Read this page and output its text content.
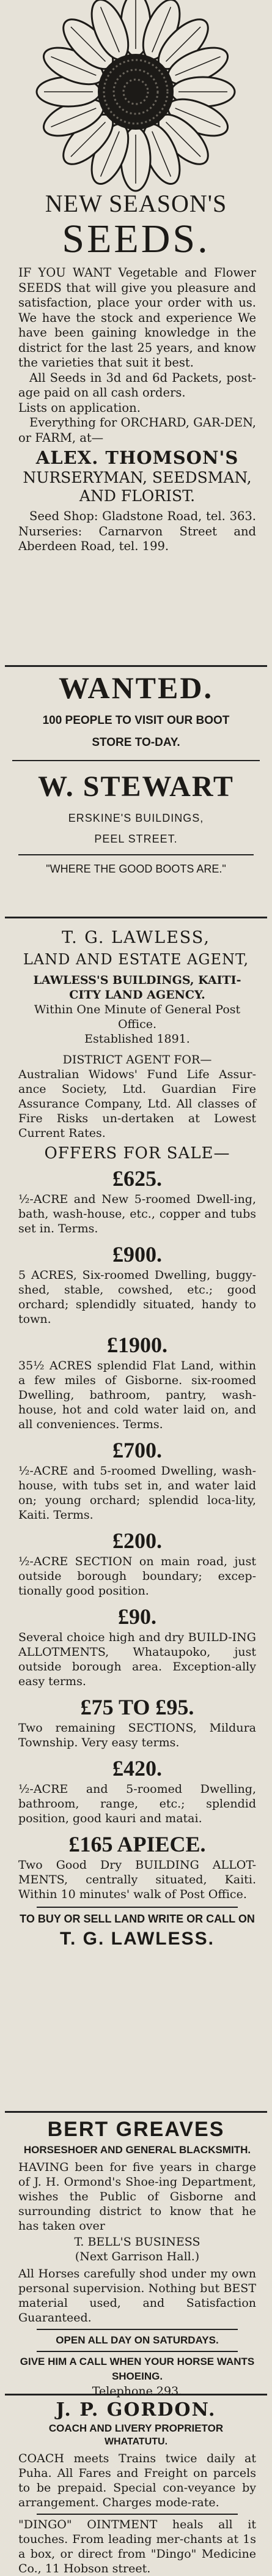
NEW SEASON'S
SEEDS.

IF YOU WANT Vegetable and Flower SEEDS that will give you pleasure and satisfaction, place your order with us. We have the stock and experience We have been gaining knowledge in the district for the last 25 years, and know the varieties that suit it best.

All Seeds in 3d and 6d Packets, post-age paid on all cash orders.

Lists on application.

Everything for ORCHARD, GAR-DEN, or FARM, at—

ALEX. THOMSON'S
NURSERYMAN, SEEDSMAN, AND FLORIST.

Seed Shop: Gladstone Road, tel. 363. Nurseries: Carnarvon Street and Aberdeen Road, tel. 199.

WANTED.
100 PEOPLE TO VISIT OUR BOOT
STORE TO-DAY.
W. STEWART
ERSKINE'S BUILDINGS,
PEEL STREET.
"WHERE THE GOOD BOOTS ARE."
T. G. LAWLESS,
LAND AND ESTATE AGENT,

LAWLESS'S BUILDINGS, KAITI-CITY LAND AGENCY.

Within One Minute of General Post Office.

Established 1891.

DISTRICT AGENT FOR—

Australian Widows' Fund Life Assur-ance Society, Ltd. Guardian Fire Assurance Company, Ltd. All classes of Fire Risks un-dertaken at Lowest Current Rates.

OFFERS FOR SALE—

£625.

½-ACRE and New 5-roomed Dwell-ing, bath, wash-house, etc., copper and tubs set in. Terms.

£900.

5 ACRES, Six-roomed Dwelling, buggy-shed, stable, cowshed, etc.; good orchard; splendidly situated, handy to town.

£1900.

35½ ACRES splendid Flat Land, within a few miles of Gisborne. six-roomed Dwelling, bathroom, pantry, wash-house, hot and cold water laid on, and all conveniences. Terms.

£700.

½-ACRE and 5-roomed Dwelling, wash-house, with tubs set in, and water laid on; young orchard; splendid loca-lity, Kaiti. Terms.

£200.

½-ACRE SECTION on main road, just outside borough boundary; excep-tionally good position.

£90.

Several choice high and dry BUILD-ING ALLOTMENTS, Whataupoko, just outside borough area. Exception-ally easy terms.

£75 TO £95.

Two remaining SECTIONS, Mildura Township. Very easy terms.

£420.

½-ACRE and 5-roomed Dwelling, bathroom, range, etc.; splendid position, good kauri and matai.

£165 APIECE.

Two Good Dry BUILDING ALLOT-MENTS, centrally situated, Kaiti. Within 10 minutes' walk of Post Office.

TO BUY OR SELL LAND WRITE OR CALL ON

T. G. LAWLESS.

BERT GREAVES

HORSESHOER AND GENERAL BLACKSMITH.

HAVING been for five years in charge of J. H. Ormond's Shoe-ing Department, wishes the Public of Gisborne and surrounding district to know that he has taken over

T. BELL'S BUSINESS

(Next Garrison Hall.)

All Horses carefully shod under my own personal supervision. Nothing but BEST material used, and Satisfaction Guaranteed.

OPEN ALL DAY ON SATURDAYS.

GIVE HIM A CALL WHEN YOUR HORSE WANTS SHOEING.

Telephone 293.

J. P. GORDON.
COACH AND LIVERY PROPRIETOR
WHATATUTU.

COACH meets Trains twice daily at Puha. All Fares and Freight on parcels to be prepaid. Special con-veyance by arrangement. Charges mode-rate.

"DINGO" OINTMENT heals all it touches. From leading mer-chants at 1s a box, or direct from "Dingo" Medicine Co., 11 Hobson street.
